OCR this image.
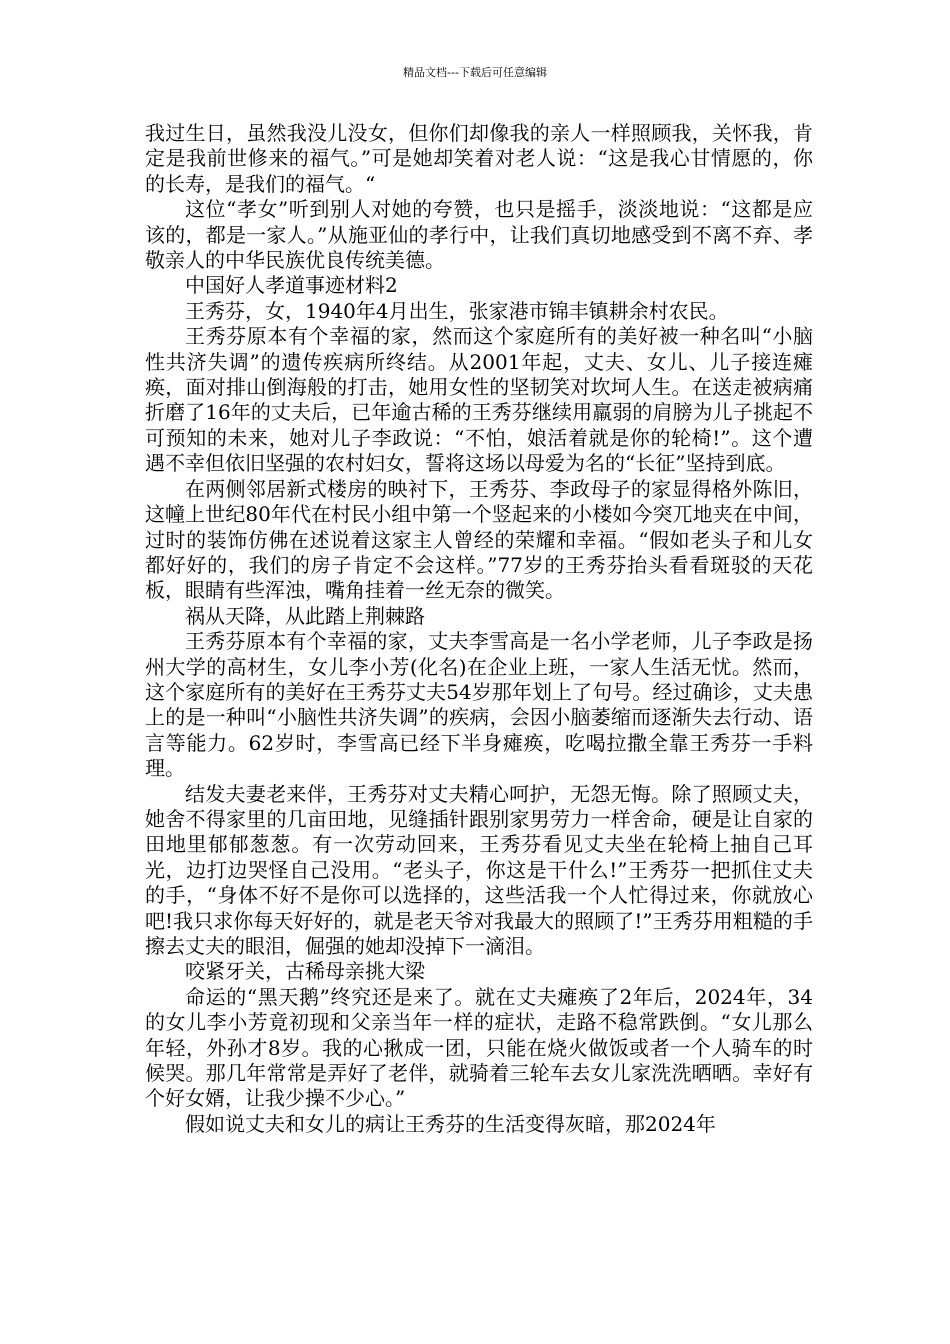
精品文档---下载后可任意编辑

我过生日，虽然我没儿没女，但你们却像我的亲人一样照顾我，关怀我，肯定是我前世修来的福气。”可是她却笑着对老人说：“这是我心甘情愿的，你的长寿，是我们的福气。“

这位“孝女”听到别人对她的夸赞，也只是摇手，淡淡地说：“这都是应该的，都是一家人。”从施亚仙的孝行中，让我们真切地感受到不离不弃、孝敬亲人的中华民族优良传统美德。

中国好人孝道事迹材料2

王秀芬，女，1940年4月出生，张家港市锦丰镇耕余村农民。

王秀芬原本有个幸福的家，然而这个家庭所有的美好被一种名叫“小脑性共济失调”的遗传疾病所终结。从2001年起，丈夫、女儿、儿子接连瘫痪，面对排山倒海般的打击，她用女性的坚韧笑对坎坷人生。在送走被病痛折磨了16年的丈夫后，已年逾古稀的王秀芬继续用羸弱的肩膀为儿子挑起不可预知的未来，她对儿子李政说：“不怕，娘活着就是你的轮椅!”。这个遭遇不幸但依旧坚强的农村妇女，誓将这场以母爱为名的“长征”坚持到底。

在两侧邻居新式楼房的映衬下，王秀芬、李政母子的家显得格外陈旧，这幢上世纪80年代在村民小组中第一个竖起来的小楼如今突兀地夹在中间，过时的装饰仿佛在述说着这家主人曾经的荣耀和幸福。“假如老头子和儿女都好好的，我们的房子肯定不会这样。”77岁的王秀芬抬头看看斑驳的天花板，眼睛有些浑浊，嘴角挂着一丝无奈的微笑。

祸从天降，从此踏上荆棘路

王秀芬原本有个幸福的家，丈夫李雪高是一名小学老师，儿子李政是扬州大学的高材生，女儿李小芳(化名)在企业上班，一家人生活无忧。然而，这个家庭所有的美好在王秀芬丈夫54岁那年划上了句号。经过确诊，丈夫患上的是一种叫“小脑性共济失调”的疾病，会因小脑萎缩而逐渐失去行动、语言等能力。62岁时，李雪高已经下半身瘫痪，吃喝拉撒全靠王秀芬一手料理。

结发夫妻老来伴，王秀芬对丈夫精心呵护，无怨无悔。除了照顾丈夫，她舍不得家里的几亩田地，见缝插针跟别家男劳力一样舍命，硬是让自家的田地里郁郁葱葱。有一次劳动回来，王秀芬看见丈夫坐在轮椅上抽自己耳光，边打边哭怪自己没用。“老头子，你这是干什么!”王秀芬一把抓住丈夫的手，“身体不好不是你可以选择的，这些活我一个人忙得过来，你就放心吧!我只求你每天好好的，就是老天爷对我最大的照顾了!”王秀芬用粗糙的手擦去丈夫的眼泪，倔强的她却没掉下一滴泪。

咬紧牙关，古稀母亲挑大梁

命运的“黑天鹅”终究还是来了。就在丈夫瘫痪了2年后，2024年，34的女儿李小芳竟初现和父亲当年一样的症状，走路不稳常跌倒。“女儿那么年轻，外孙才8岁。我的心揪成一团，只能在烧火做饭或者一个人骑车的时候哭。那几年常常是弄好了老伴，就骑着三轮车去女儿家洗洗晒晒。幸好有个好女婿，让我少操不少心。”

假如说丈夫和女儿的病让王秀芬的生活变得灰暗，那2024年
